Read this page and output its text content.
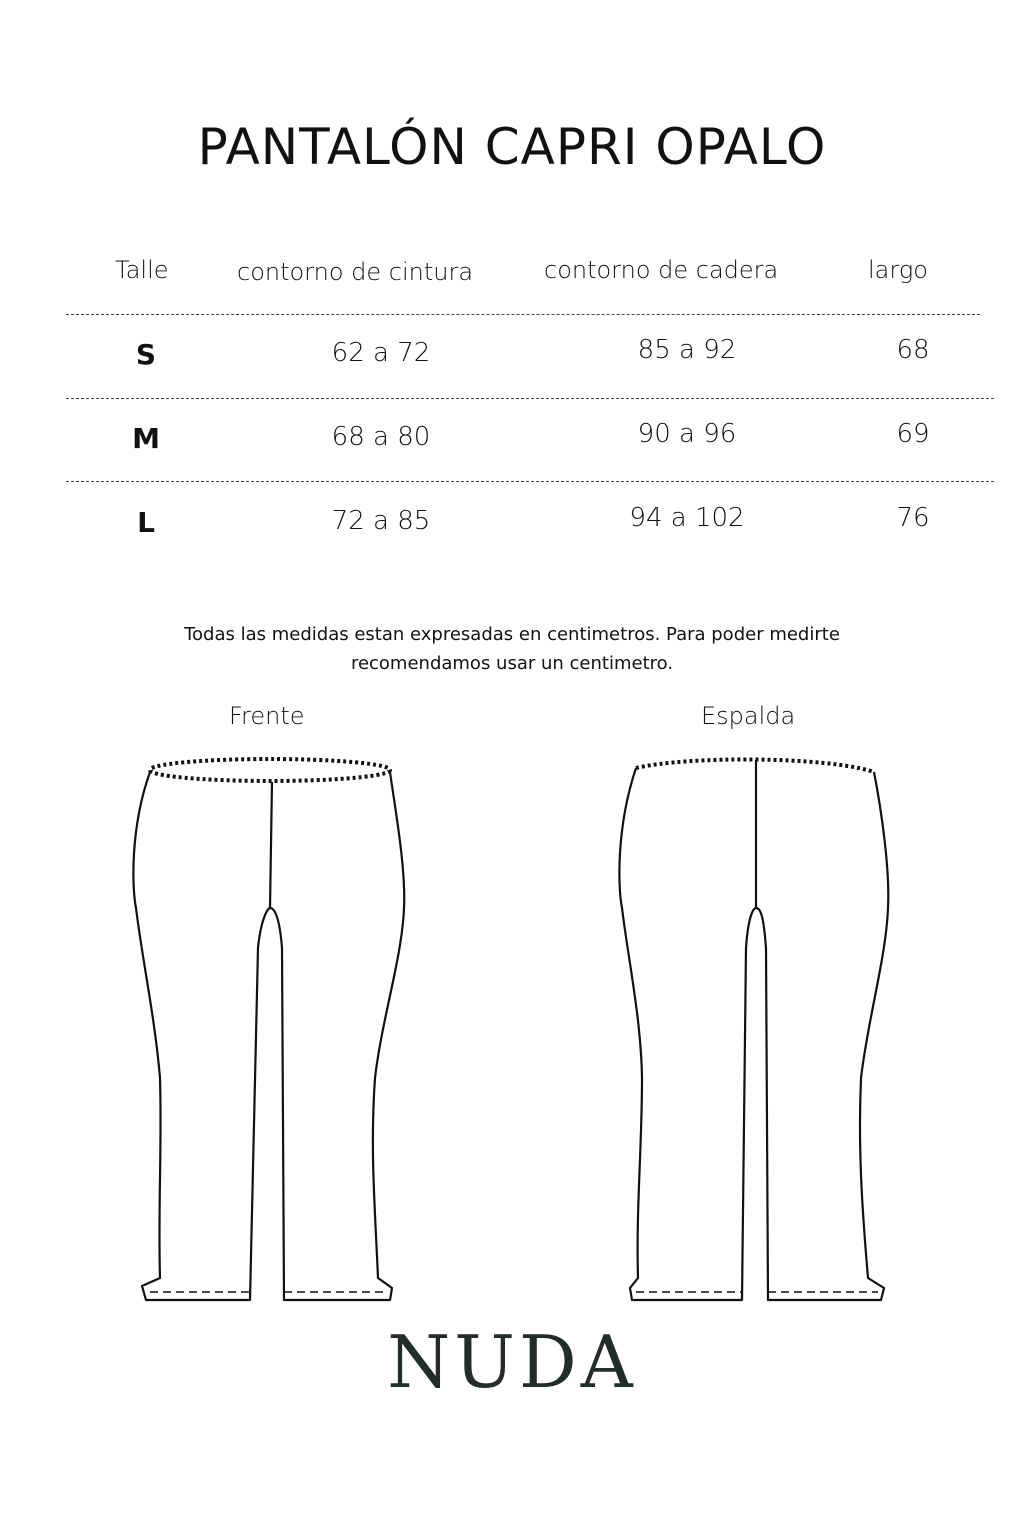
PANTALÓN CAPRI OPALO
Talle	contorno de cintura	contorno de cadera	largo
S	62 a 72	85 a 92	68
M	68 a 80	90 a 96	69
L	72 a 85	94 a 102	76
Todas las medidas estan expresadas en centimetros. Para poder medirte
recomendamos usar un centimetro.
Frente	Espalda
NUDA
